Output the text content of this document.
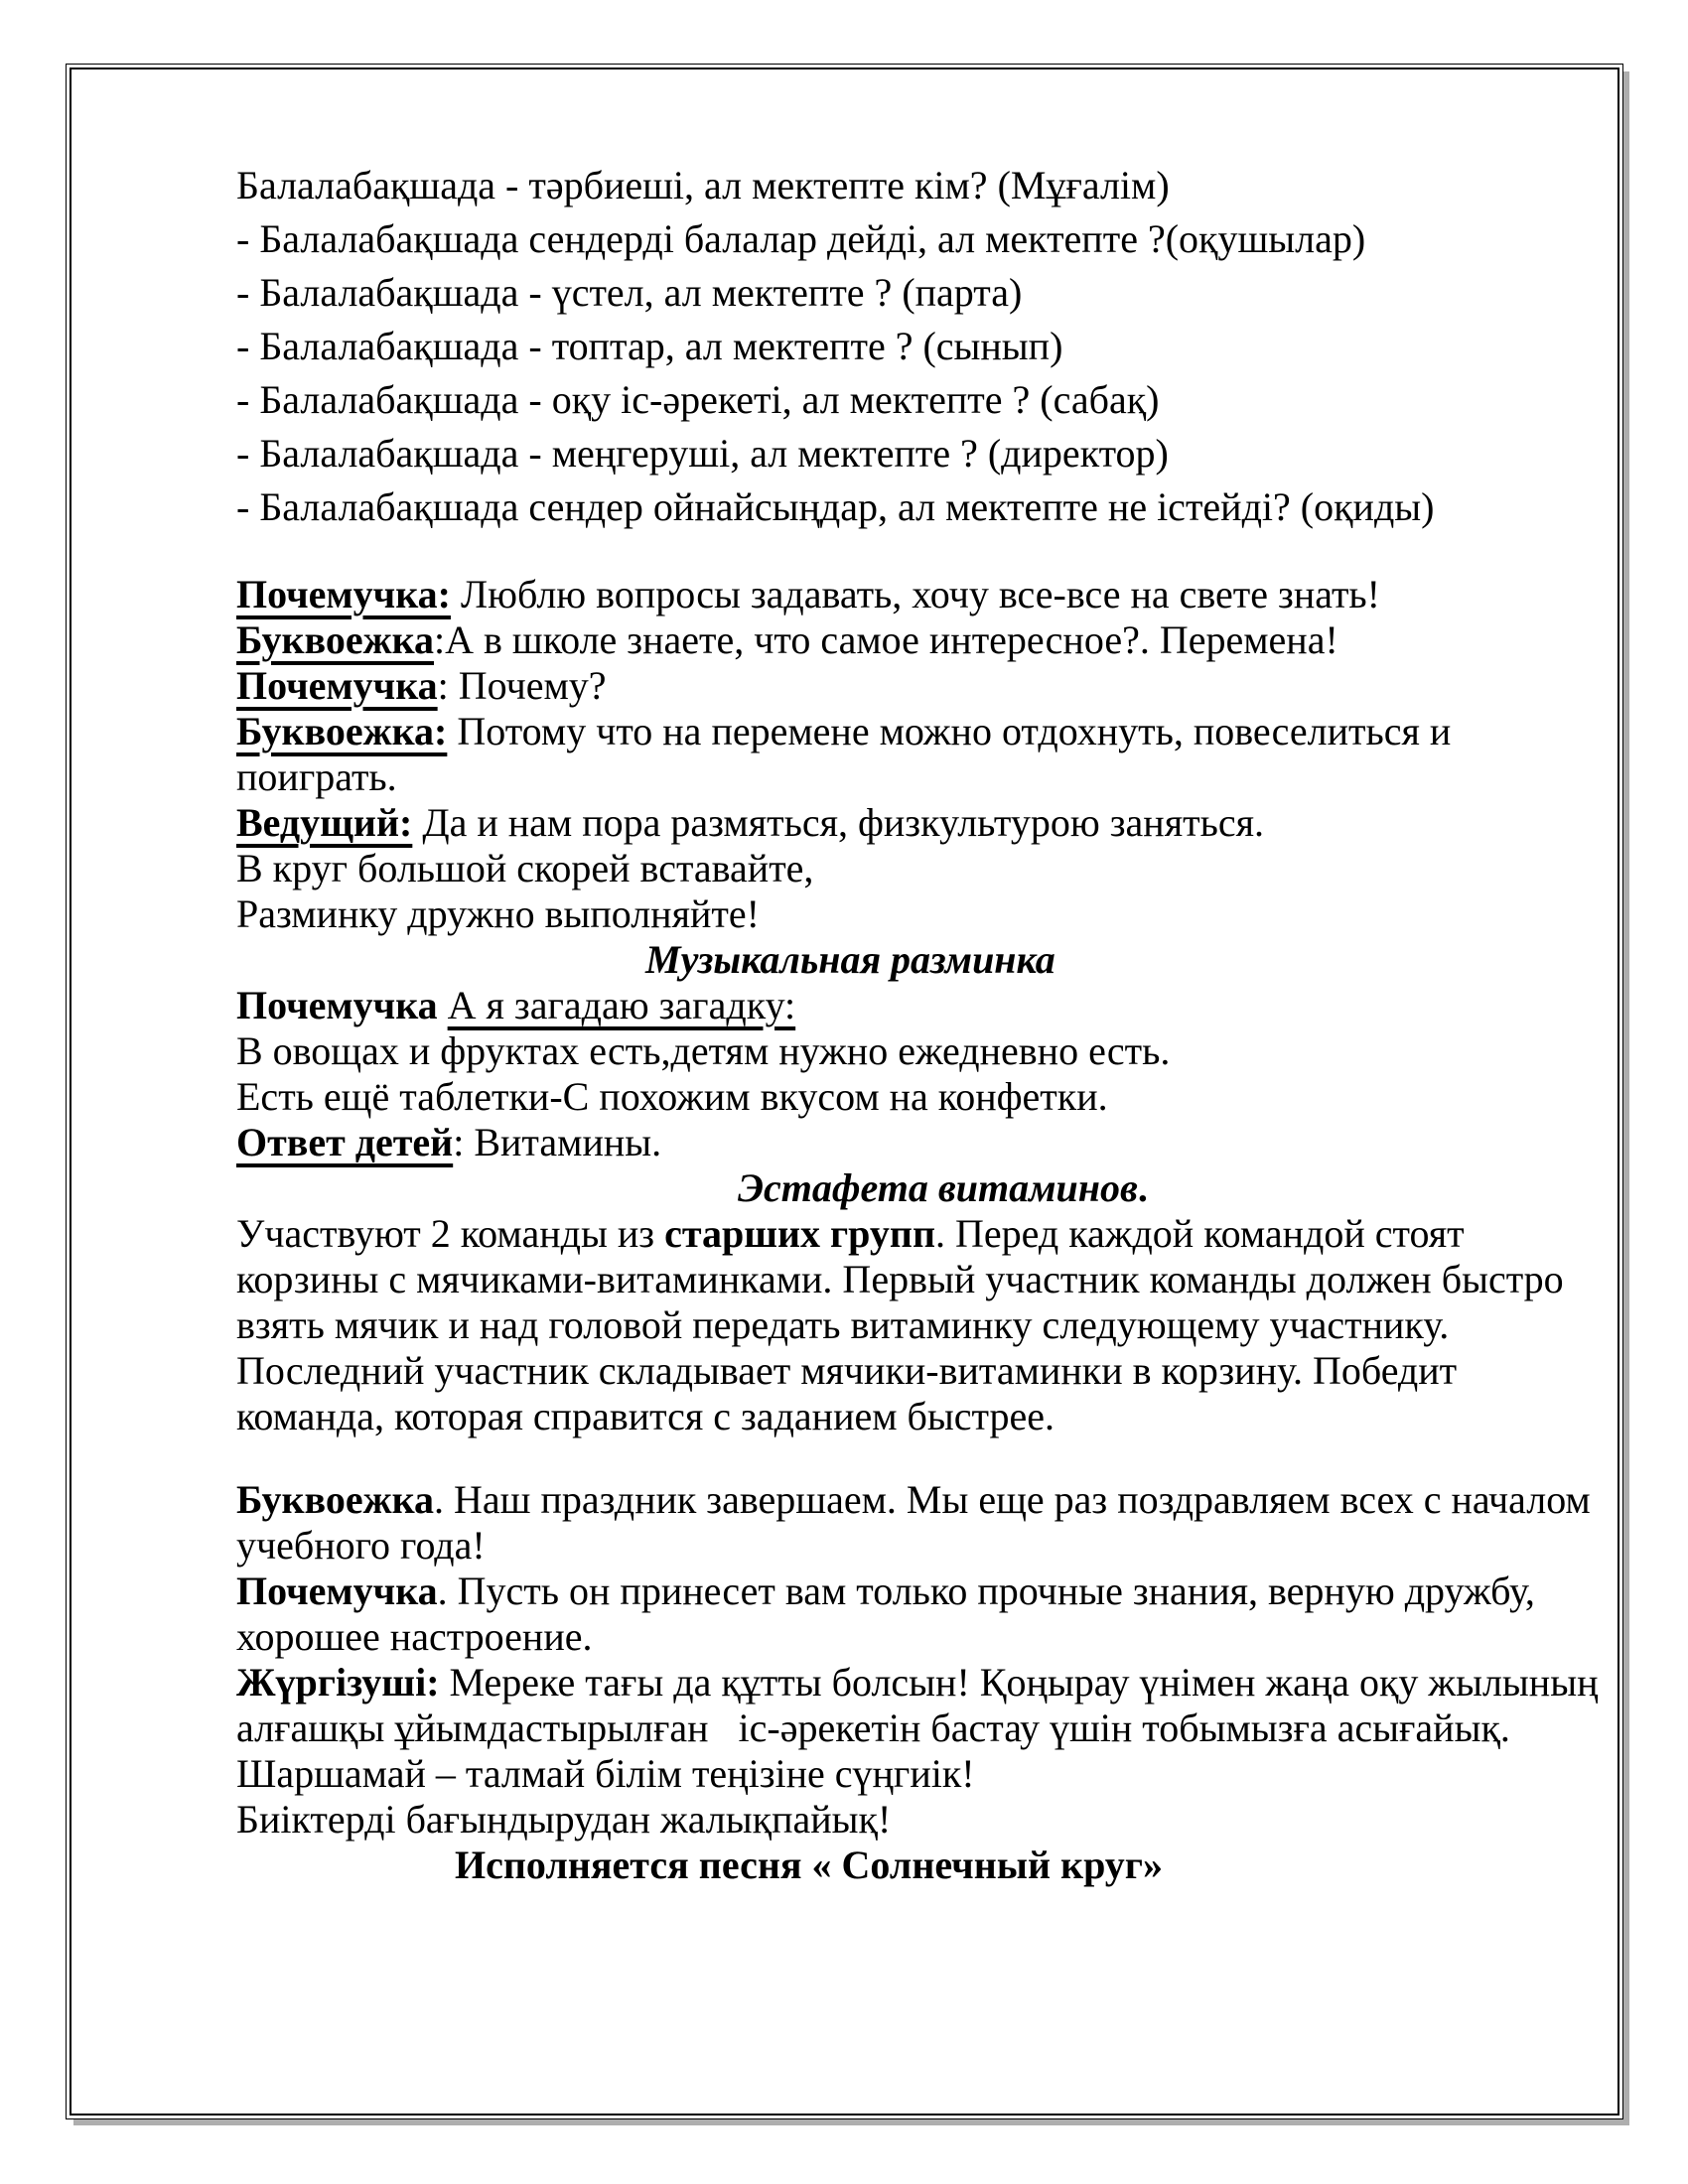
Балалабақшада - тәрбиеші, ал мектепте кім? (Мұғалім)
- Балалабақшада сендерді балалар дейді, ал мектепте ?(оқушылар)
- Балалабақшада - үстел, ал мектепте ? (парта)
- Балалабақшада - топтар, ал мектепте ? (сынып)
- Балалабақшада - оқу іс-әрекеті, ал мектепте ? (сабақ)
- Балалабақшада - меңгеруші, ал мектепте ? (директор)
- Балалабақшада сендер ойнайсыңдар, ал мектепте не істейді? (оқиды)
Почемучка: Люблю вопросы задавать, хочу все-все на свете знать!
Буквоежка:А в школе знаете, что самое интересное?. Перемена!
Почемучка: Почему?
Буквоежка: Потому что на перемене можно отдохнуть, повеселиться и
поиграть.
Ведущий: Да и нам пора размяться, физкультурою заняться.
В круг большой скорей вставайте,
Разминку дружно выполняйте!
Музыкальная разминка
Почемучка А я загадаю загадку:
В овощах и фруктах есть,детям нужно ежедневно есть.
Есть ещё таблетки-С похожим вкусом на конфетки.
Ответ детей: Витамины.
Эстафета витаминов.
Участвуют 2 команды из старших групп. Перед каждой командой стоят
корзины с мячиками-витаминками. Первый участник команды должен быстро
взять мячик и над головой передать витаминку следующему участнику.
Последний участник складывает мячики-витаминки в корзину. Победит
команда, которая справится с заданием быстрее.
Буквоежка. Наш праздник завершаем. Мы еще раз поздравляем всех с началом
учебного года!
Почемучка. Пусть он принесет вам только прочные знания, верную дружбу,
хорошее настроение.
Жүргізуші: Мереке тағы да құтты болсын! Қоңырау үнімен жаңа оқу жылының
алғашқы ұйымдастырылған   іс-әрекетін бастау үшін тобымызға асығайық.
Шаршамай – талмай білім теңізіне сүңгиік!
Биіктерді бағындырудан жалықпайық!
Исполняется песня « Солнечный круг»
